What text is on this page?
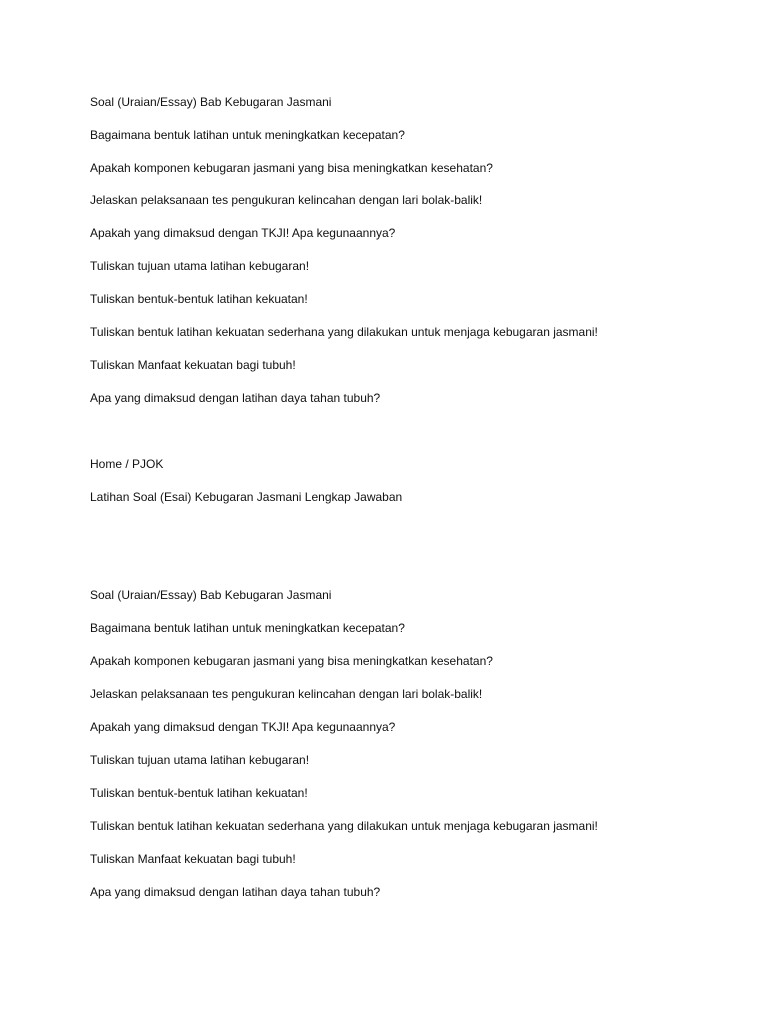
Soal (Uraian/Essay) Bab Kebugaran Jasmani
Bagaimana bentuk latihan untuk meningkatkan kecepatan?
Apakah komponen kebugaran jasmani yang bisa meningkatkan kesehatan?
Jelaskan pelaksanaan tes pengukuran kelincahan dengan lari bolak-balik!
Apakah yang dimaksud dengan TKJI! Apa kegunaannya?
Tuliskan tujuan utama latihan kebugaran!
Tuliskan bentuk-bentuk latihan kekuatan!
Tuliskan bentuk latihan kekuatan sederhana yang dilakukan untuk menjaga kebugaran jasmani!
Tuliskan Manfaat kekuatan bagi tubuh!
Apa yang dimaksud dengan latihan daya tahan tubuh?
Home / PJOK
Latihan Soal (Esai) Kebugaran Jasmani Lengkap Jawaban
Soal (Uraian/Essay) Bab Kebugaran Jasmani
Bagaimana bentuk latihan untuk meningkatkan kecepatan?
Apakah komponen kebugaran jasmani yang bisa meningkatkan kesehatan?
Jelaskan pelaksanaan tes pengukuran kelincahan dengan lari bolak-balik!
Apakah yang dimaksud dengan TKJI! Apa kegunaannya?
Tuliskan tujuan utama latihan kebugaran!
Tuliskan bentuk-bentuk latihan kekuatan!
Tuliskan bentuk latihan kekuatan sederhana yang dilakukan untuk menjaga kebugaran jasmani!
Tuliskan Manfaat kekuatan bagi tubuh!
Apa yang dimaksud dengan latihan daya tahan tubuh?
